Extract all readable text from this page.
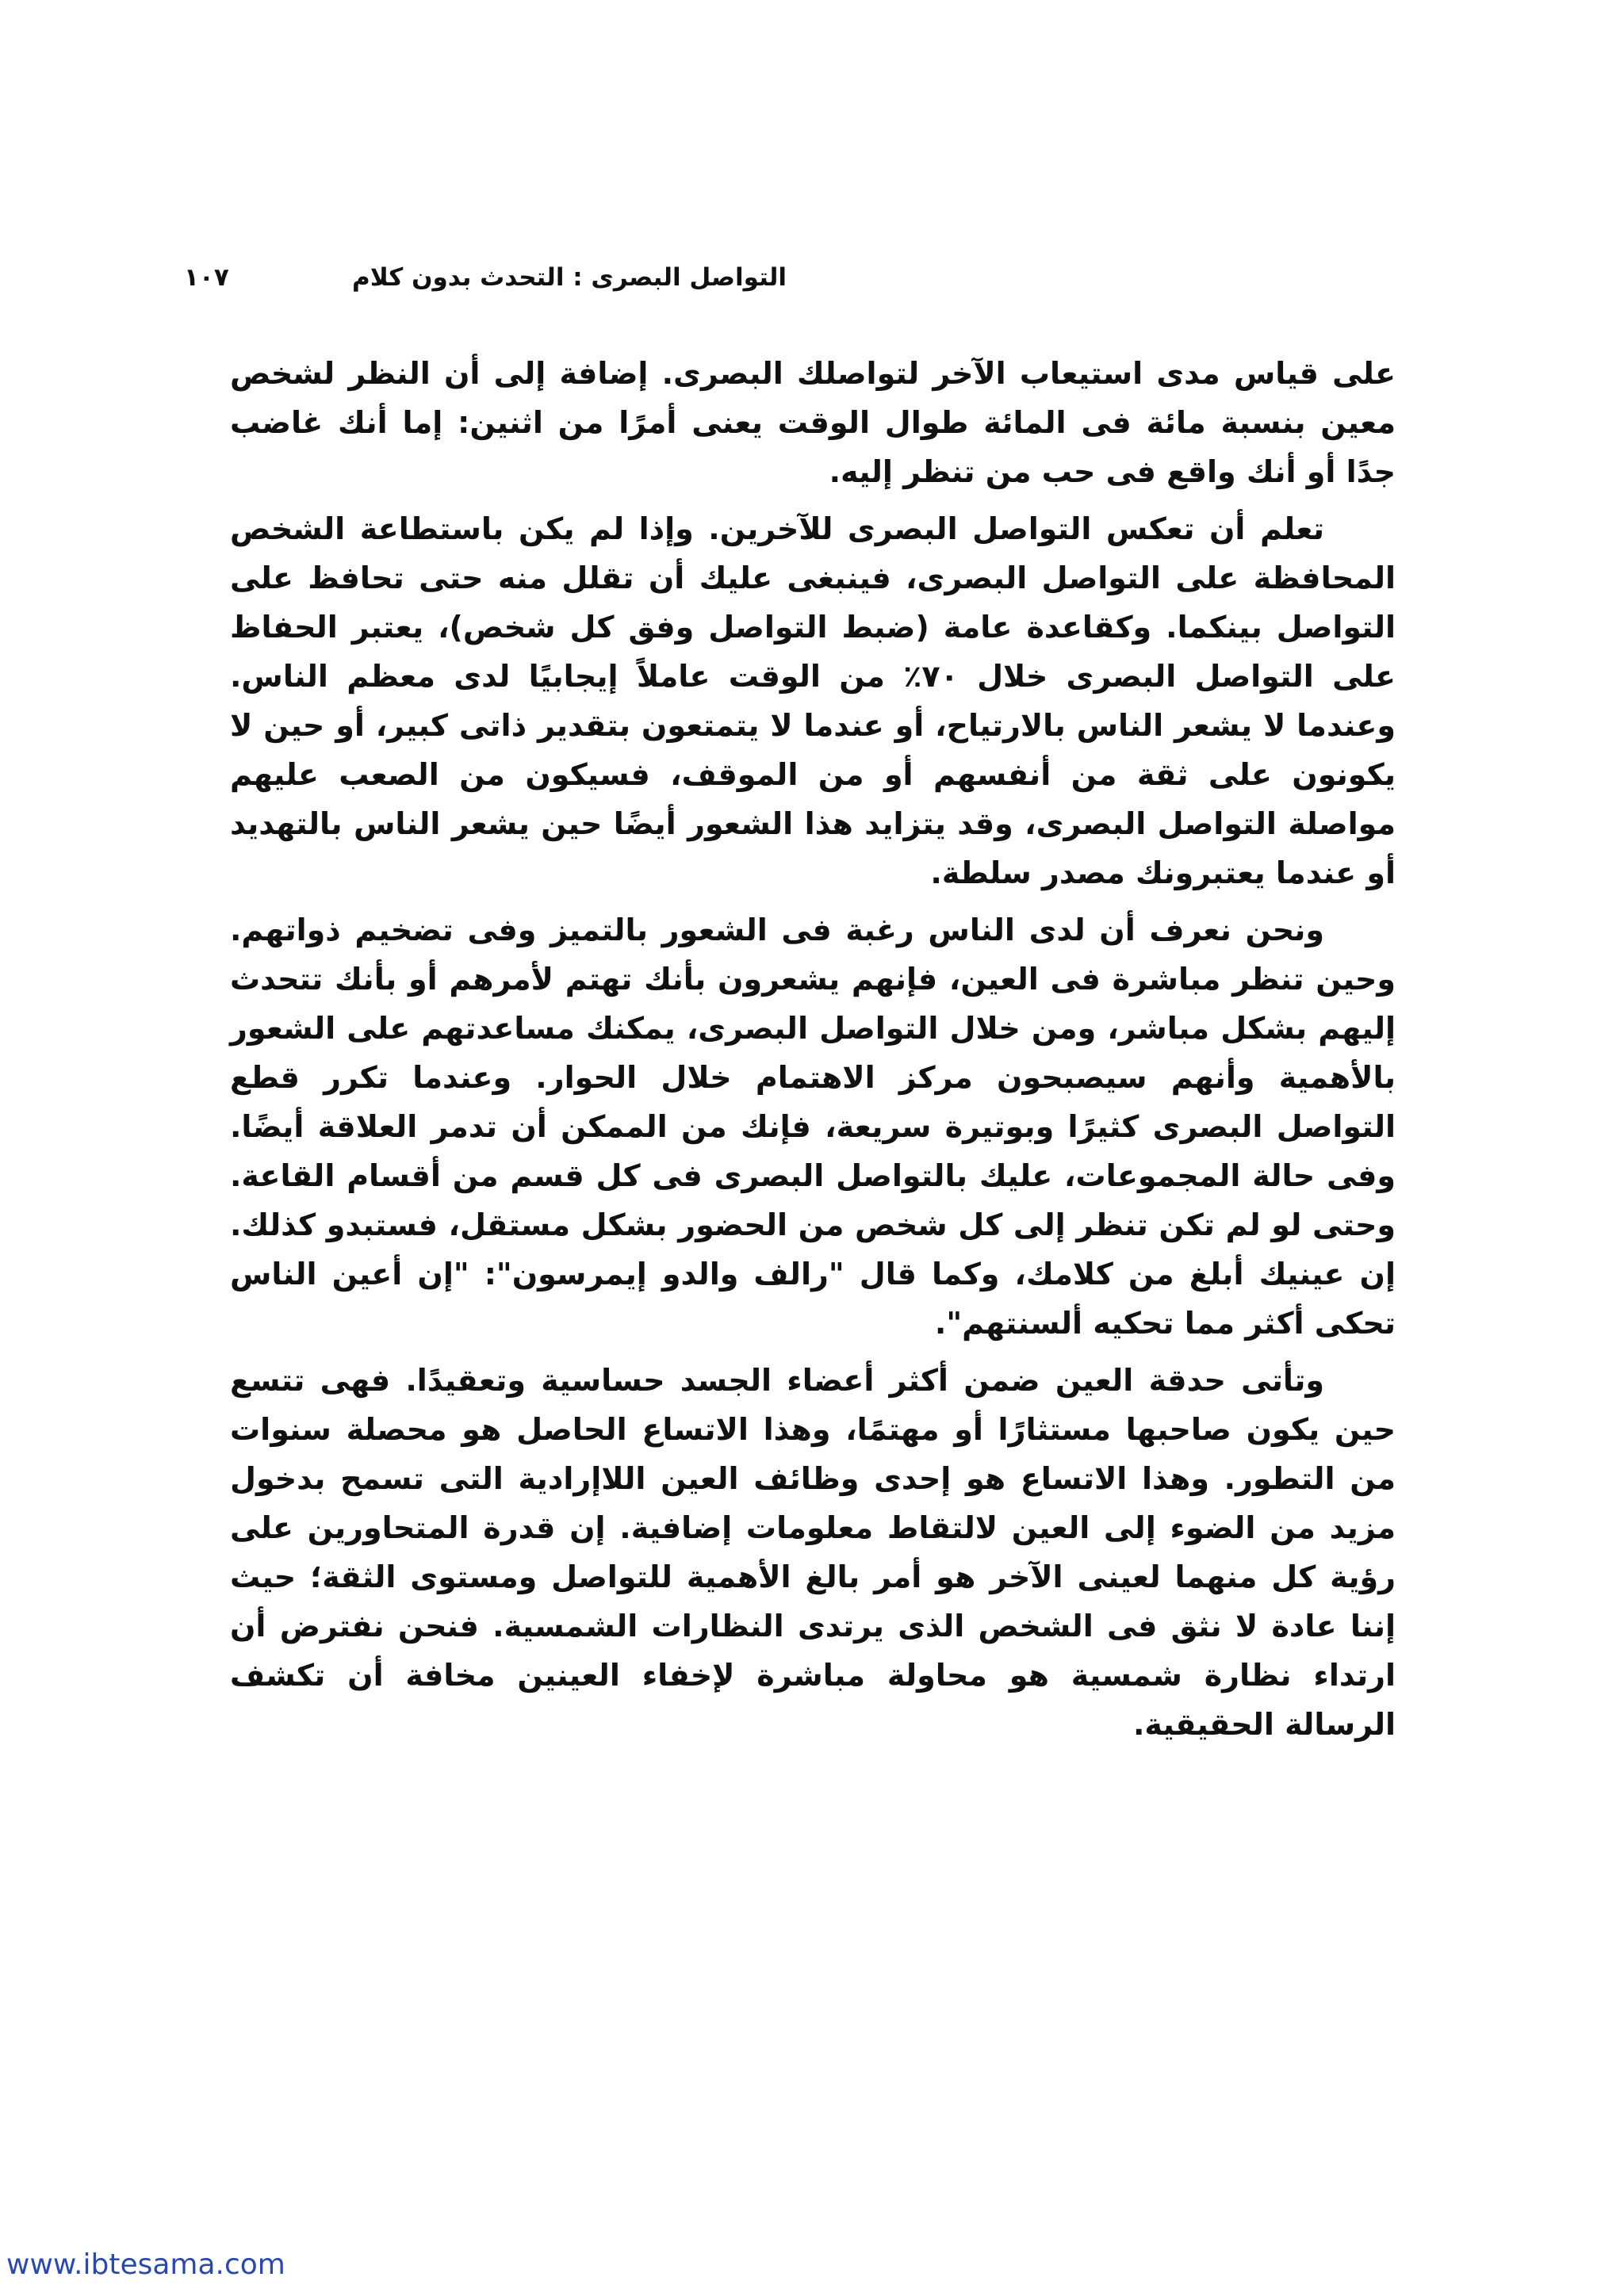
التواصل البصرى : التحدث بدون كلام
١٠٧

على قياس مدى استيعاب الآخر لتواصلك البصرى. إضافة إلى أن النظر لشخص معين بنسبة مائة فى المائة طوال الوقت يعنى أمرًا من اثنين: إما أنك غاضب جدًا أو أنك واقع فى حب من تنظر إليه.

تعلم أن تعكس التواصل البصرى للآخرين. وإذا لم يكن باستطاعة الشخص المحافظة على التواصل البصرى، فينبغى عليك أن تقلل منه حتى تحافظ على التواصل بينكما. وكقاعدة عامة (ضبط التواصل وفق كل شخص)، يعتبر الحفاظ على التواصل البصرى خلال ٧٠٪ من الوقت عاملاً إيجابيًا لدى معظم الناس. وعندما لا يشعر الناس بالارتياح، أو عندما لا يتمتعون بتقدير ذاتى كبير، أو حين لا يكونون على ثقة من أنفسهم أو من الموقف، فسيكون من الصعب عليهم مواصلة التواصل البصرى، وقد يتزايد هذا الشعور أيضًا حين يشعر الناس بالتهديد أو عندما يعتبرونك مصدر سلطة.

ونحن نعرف أن لدى الناس رغبة فى الشعور بالتميز وفى تضخيم ذواتهم. وحين تنظر مباشرة فى العين، فإنهم يشعرون بأنك تهتم لأمرهم أو بأنك تتحدث إليهم بشكل مباشر، ومن خلال التواصل البصرى، يمكنك مساعدتهم على الشعور بالأهمية وأنهم سيصبحون مركز الاهتمام خلال الحوار. وعندما تكرر قطع التواصل البصرى كثيرًا وبوتيرة سريعة، فإنك من الممكن أن تدمر العلاقة أيضًا. وفى حالة المجموعات، عليك بالتواصل البصرى فى كل قسم من أقسام القاعة. وحتى لو لم تكن تنظر إلى كل شخص من الحضور بشكل مستقل، فستبدو كذلك. إن عينيك أبلغ من كلامك، وكما قال "رالف والدو إيمرسون": "إن أعين الناس تحكى أكثر مما تحكيه ألسنتهم".

وتأتى حدقة العين ضمن أكثر أعضاء الجسد حساسية وتعقيدًا. فهى تتسع حين يكون صاحبها مستثارًا أو مهتمًا، وهذا الاتساع الحاصل هو محصلة سنوات من التطور. وهذا الاتساع هو إحدى وظائف العين اللاإرادية التى تسمح بدخول مزيد من الضوء إلى العين لالتقاط معلومات إضافية. إن قدرة المتحاورين على رؤية كل منهما لعينى الآخر هو أمر بالغ الأهمية للتواصل ومستوى الثقة؛ حيث إننا عادة لا نثق فى الشخص الذى يرتدى النظارات الشمسية. فنحن نفترض أن ارتداء نظارة شمسية هو محاولة مباشرة لإخفاء العينين مخافة أن تكشف الرسالة الحقيقية.

www.ibtesama.com
